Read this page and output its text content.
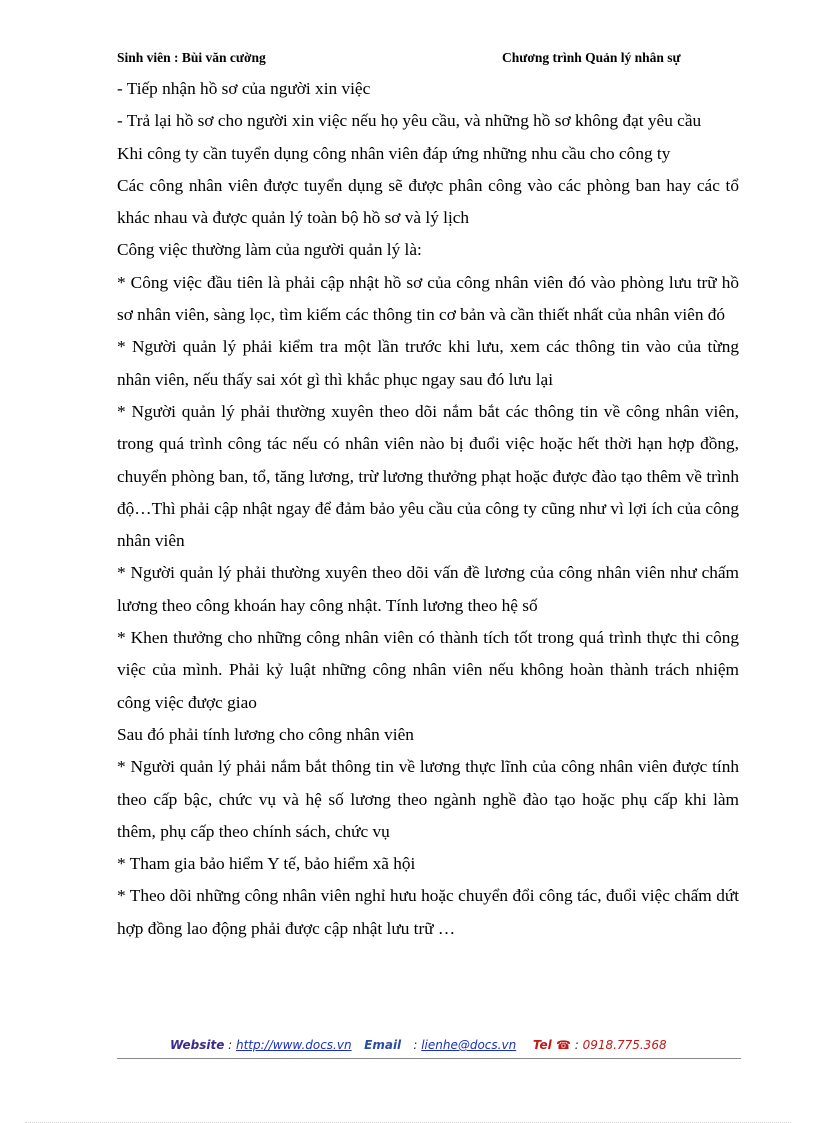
Sinh viên : Bùi văn cường	Chương trình Quản lý nhân sự

- Tiếp nhận hồ sơ của người xin việc

- Trả lại hồ sơ cho người xin việc nếu họ yêu cầu, và những hồ sơ không đạt yêu cầu

Khi công ty cần tuyển dụng công nhân viên đáp ứng những nhu cầu cho công ty

Các công nhân viên được tuyển dụng sẽ được phân công vào các phòng ban hay các tổ khác nhau và được quản lý toàn bộ hồ sơ và lý lịch

Công việc thường làm của người quản lý là:

* Công việc đầu tiên là phải cập nhật hồ sơ của công nhân viên đó vào phòng lưu trữ hồ sơ nhân viên, sàng lọc, tìm kiếm các thông tin cơ bản và cần thiết nhất của nhân viên đó

* Người quản lý phải kiểm tra một lần trước khi lưu, xem các thông tin vào của từng nhân viên, nếu thấy sai xót gì thì khắc phục ngay sau đó lưu lại

* Người quản lý phải thường xuyên theo dõi nắm bắt các thông tin về công nhân viên, trong quá trình công tác nếu có nhân viên nào bị đuổi việc hoặc hết thời hạn hợp đồng, chuyển phòng ban, tổ, tăng lương, trừ lương thưởng phạt hoặc được đào tạo thêm về trình độ…Thì phải cập nhật ngay để đảm bảo yêu cầu của công ty cũng như vì lợi ích của công nhân viên

* Người quản lý phải thường xuyên theo dõi vấn đề lương của công nhân viên như chấm lương theo công khoán hay công nhật. Tính lương theo hệ số

* Khen thưởng cho những công nhân viên có thành tích tốt trong quá trình thực thi công việc của mình. Phải kỷ luật những công nhân viên nếu không hoàn thành trách nhiệm công việc được giao

Sau đó phải tính lương cho công nhân viên

* Người quản lý phải nắm bắt thông tin về lương thực lĩnh của công nhân viên được tính theo cấp bậc, chức vụ và hệ số lương theo ngành nghề đào tạo hoặc phụ cấp khi làm thêm, phụ cấp theo chính sách, chức vụ

* Tham gia bảo hiểm Y tế, bảo hiểm xã hội

* Theo dõi những công nhân viên nghỉ hưu hoặc chuyển đổi công tác, đuổi việc chấm dứt hợp đồng lao động phải được cập nhật lưu trữ …

Website : http://www.docs.vn Email   : lienhe@docs.vn Tel ☎ : 0918.775.368
